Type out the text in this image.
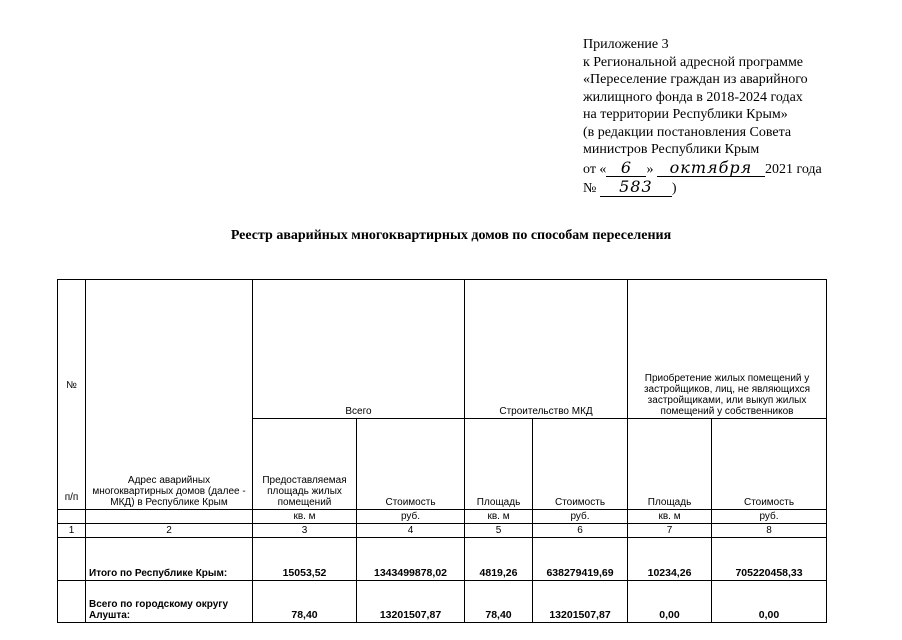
Приложение 3
к Региональной адресной программе
«Переселение граждан из аварийного
жилищного фонда в 2018-2024 годах
на территории Республики Крым»
(в редакции постановления Совета
министров Республики Крым
от « 6 » октября 2021 года
№ 583 )
Реестр аварийных многоквартирных домов по способам переселения
№
п/п	Адрес аварийных многоквартирных домов (далее - МКД) в Республике Крым	Всего		Строительство МКД		Приобретение жилых помещений у застройщиков, лиц, не являющихся застройщиками, или выкуп жилых помещений у собственников	
		Предоставляемая площадь жилых помещений	Стоимость	Площадь	Стоимость	Площадь	Стоимость
		кв. м	руб.	кв. м	руб.	кв. м	руб.
1	2	3	4	5	6	7	8
	Итого по Республике Крым:	15053,52	1343499878,02	4819,26	638279419,69	10234,26	705220458,33
	Всего по городскому округу Алушта:	78,40	13201507,87	78,40	13201507,87	0,00	0,00
